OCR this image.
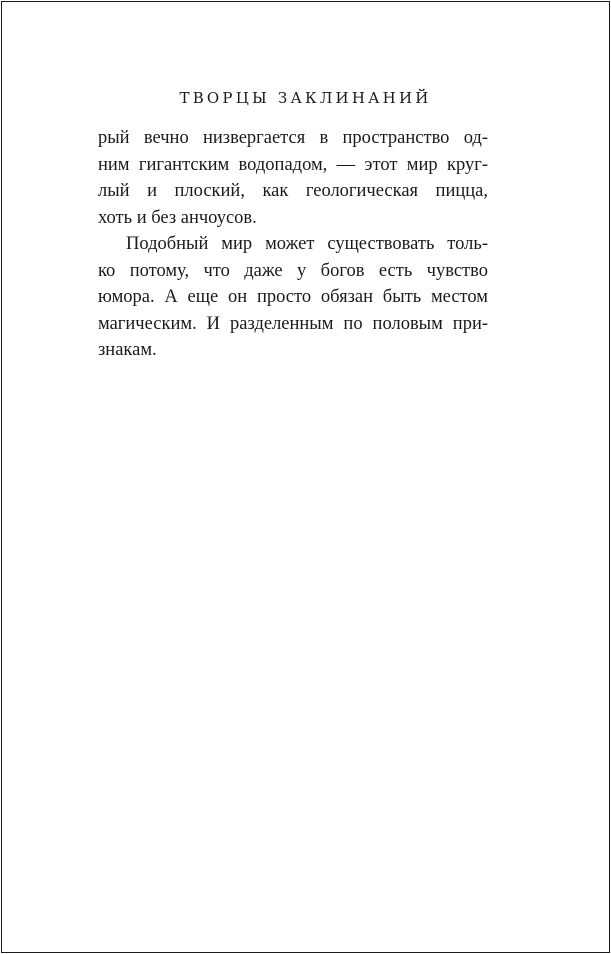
ТВОРЦЫ ЗАКЛИНАНИЙ
рый вечно низвергается в пространство од-
ним гигантским водопадом, — этот мир круг-
лый и плоский, как геологическая пицца,
хоть и без анчоусов.
Подобный мир может существовать толь-
ко потому, что даже у богов есть чувство
юмора. А еще он просто обязан быть местом
магическим. И разделенным по половым при-
знакам.
